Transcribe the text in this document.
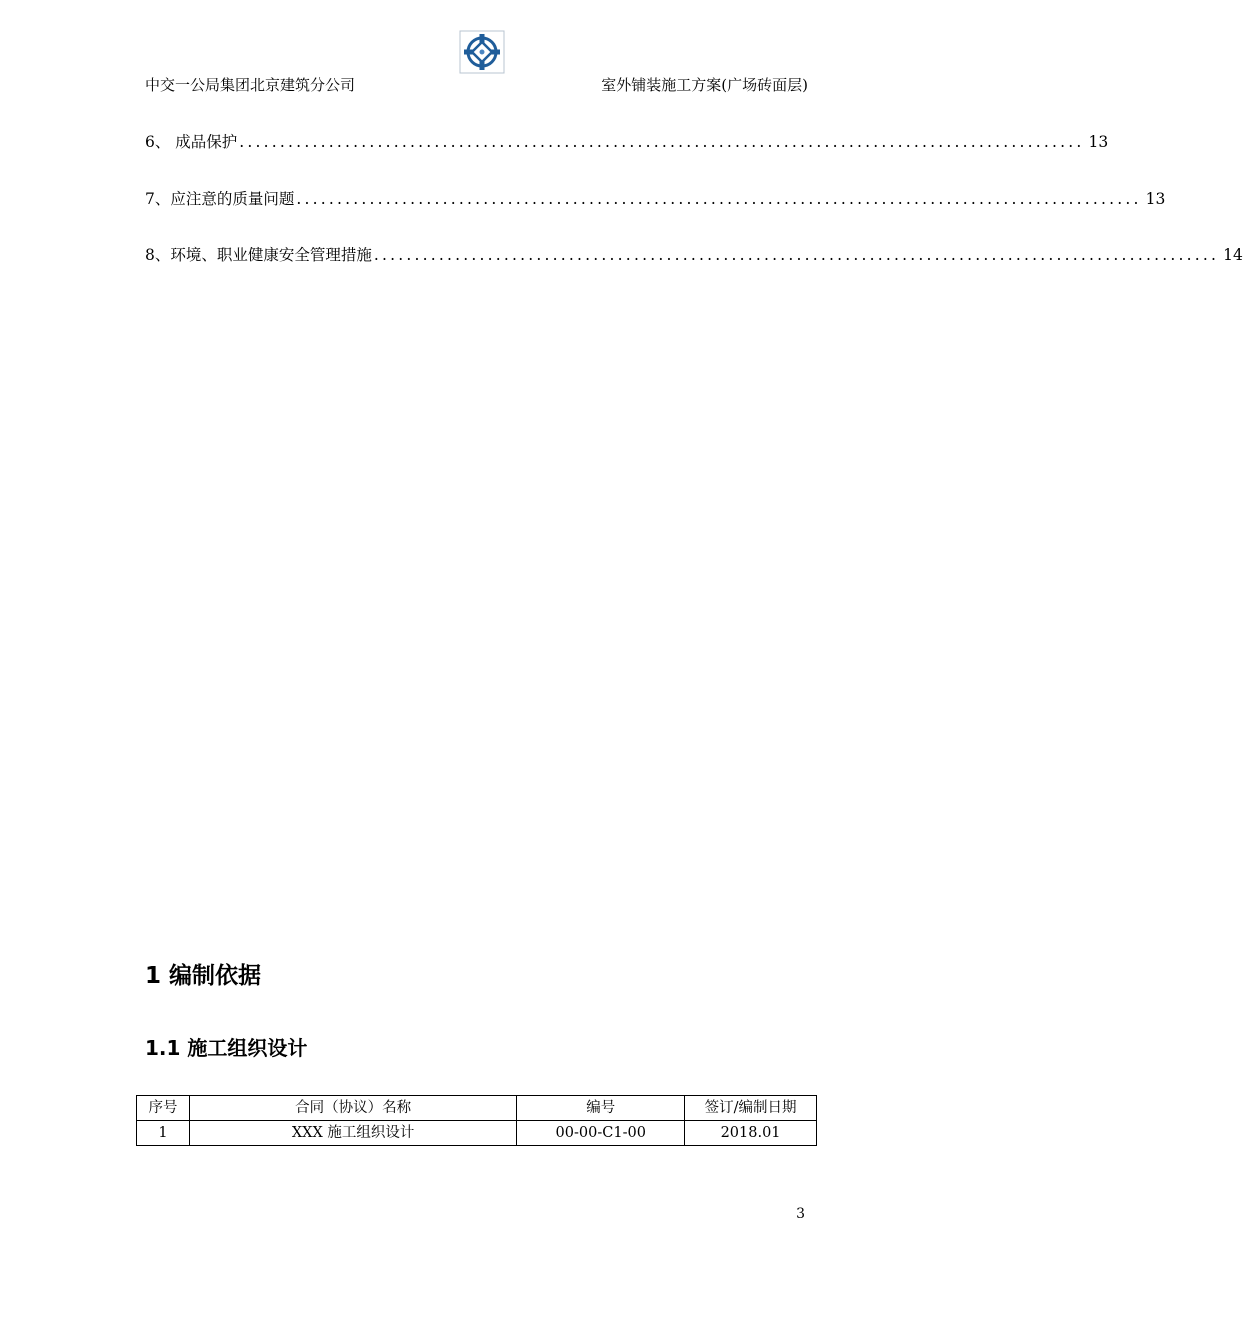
中交一公局集团北京建筑分公司	室外铺装施工方案(广场砖面层)
6、 成品保护 ........................................................................................................ 13
7、应注意的质量问题 ........................................................................................................ 13
8、环境、职业健康安全管理措施 ........................................................................................................ 14
1 编制依据
1.1 施工组织设计
序号	合同（协议）名称	编号	签订/编制日期
1	XXX 施工组织设计	00-00-C1-00	2018.01
3
